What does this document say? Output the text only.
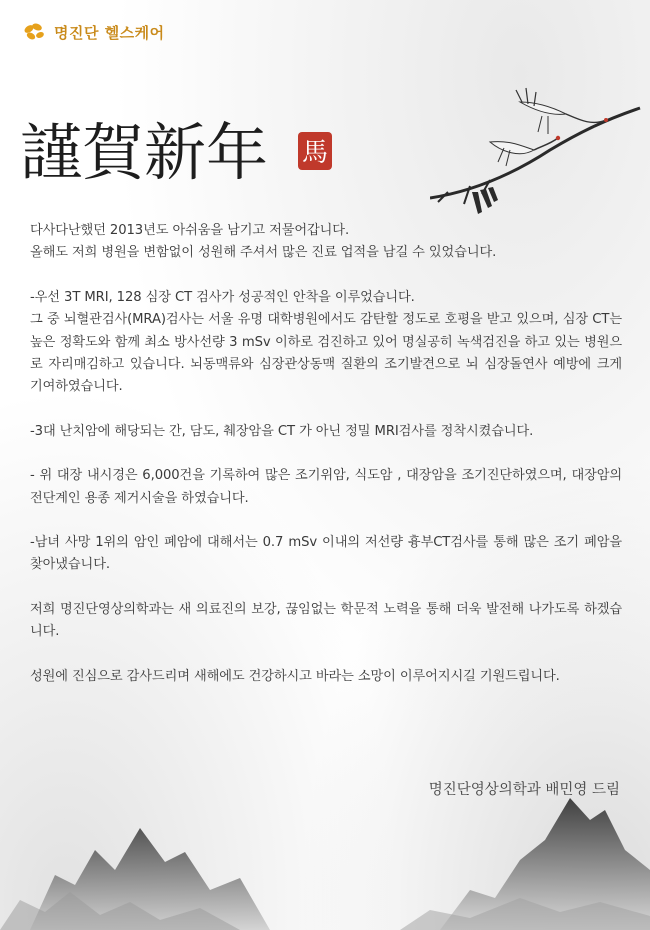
명진단 헬스케어
謹賀新年 馬

다사다난했던 2013년도 아쉬움을 남기고 저물어갑니다.
올해도 저희 병원을 변함없이 성원해 주셔서 많은 진료 업적을 남길 수 있었습니다.

-우선 3T MRI, 128 심장 CT 검사가 성공적인 안착을 이루었습니다.
그 중 뇌혈관검사(MRA)검사는 서울 유명 대학병원에서도 감탄할 정도로 호평을 받고 있으며, 심장 CT는 높은 정확도와 함께 최소 방사선량 3 mSv 이하로 검진하고 있어 명실공히 녹색검진을 하고 있는 병원으로 자리매김하고 있습니다. 뇌동맥류와 심장관상동맥 질환의 조기발견으로 뇌 심장돌연사 예방에 크게 기여하였습니다.

-3대 난치암에 해당되는 간, 담도, 췌장암을 CT 가 아닌 정밀 MRI검사를 정착시켰습니다.

- 위 대장 내시경은 6,000건을 기록하여 많은 조기위암, 식도암 , 대장암을 조기진단하였으며, 대장암의 전단계인 용종 제거시술을 하였습니다.

-남녀 사망 1위의 암인 폐암에 대해서는 0.7 mSv 이내의 저선량 흉부CT검사를 통해 많은 조기 폐암을 찾아냈습니다.

저희 명진단영상의학과는 새 의료진의 보강, 끊임없는 학문적 노력을 통해 더욱 발전해 나가도록 하겠습니다.

성원에 진심으로 감사드리며 새해에도 건강하시고 바라는 소망이 이루어지시길 기원드립니다.

명진단영상의학과 배민영 드림
